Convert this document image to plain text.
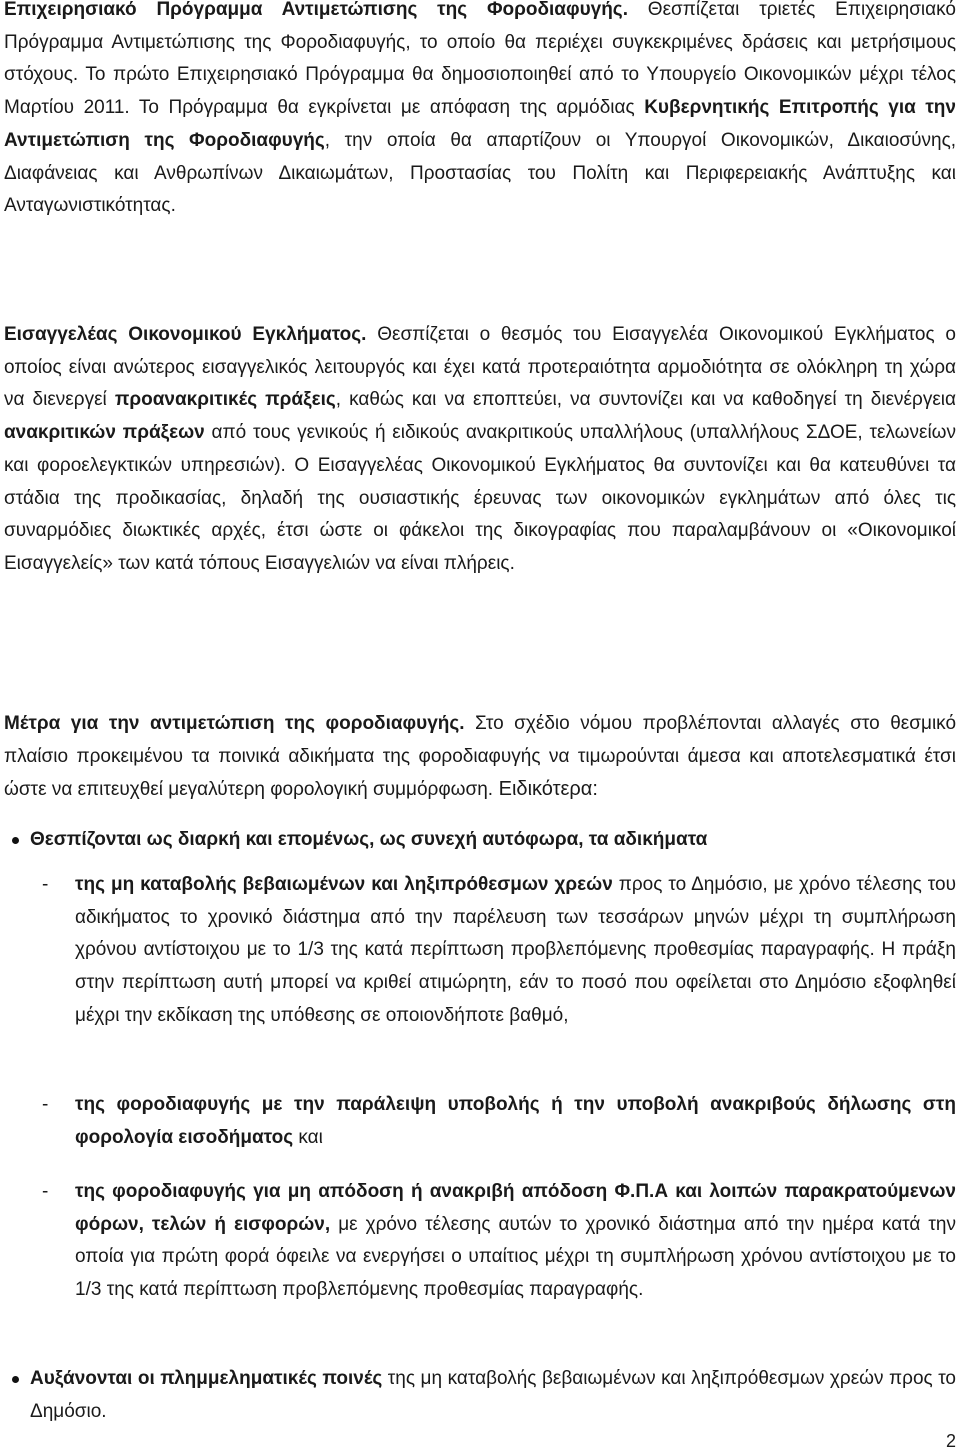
Επιχειρησιακό Πρόγραμμα Αντιμετώπισης της Φοροδιαφυγής. Θεσπίζεται τριετές Επιχειρησιακό Πρόγραμμα Αντιμετώπισης της Φοροδιαφυγής, το οποίο θα περιέχει συγκεκριμένες δράσεις και μετρήσιμους στόχους. Το πρώτο Επιχειρησιακό Πρόγραμμα θα δημοσιοποιηθεί από το Υπουργείο Οικονομικών μέχρι τέλος Μαρτίου 2011. Το Πρόγραμμα θα εγκρίνεται με απόφαση της αρμόδιας Κυβερνητικής Επιτροπής για την Αντιμετώπιση της Φοροδιαφυγής, την οποία θα απαρτίζουν οι Υπουργοί Οικονομικών, Δικαιοσύνης, Διαφάνειας και Ανθρωπίνων Δικαιωμάτων, Προστασίας του Πολίτη και Περιφερειακής Ανάπτυξης και Ανταγωνιστικότητας.

Εισαγγελέας Οικονομικού Εγκλήματος. Θεσπίζεται ο θεσμός του Εισαγγελέα Οικονομικού Εγκλήματος ο οποίος είναι ανώτερος εισαγγελικός λειτουργός και έχει κατά προτεραιότητα αρμοδιότητα σε ολόκληρη τη χώρα να διενεργεί προανακριτικές πράξεις, καθώς και να εποπτεύει, να συντονίζει και να καθοδηγεί τη διενέργεια ανακριτικών πράξεων από τους γενικούς ή ειδικούς ανακριτικούς υπαλλήλους (υπαλλήλους ΣΔΟΕ, τελωνείων και φοροελεγκτικών υπηρεσιών). Ο Εισαγγελέας Οικονομικού Εγκλήματος θα συντονίζει και θα κατευθύνει τα στάδια της προδικασίας, δηλαδή της ουσιαστικής έρευνας των οικονομικών εγκλημάτων από όλες τις συναρμόδιες διωκτικές αρχές, έτσι ώστε οι φάκελοι της δικογραφίας που παραλαμβάνουν οι «Οικονομικοί Εισαγγελείς» των κατά τόπους Εισαγγελιών να είναι πλήρεις.

Μέτρα για την αντιμετώπιση της φοροδιαφυγής. Στο σχέδιο νόμου προβλέπονται αλλαγές στο θεσμικό πλαίσιο προκειμένου τα ποινικά αδικήματα της φοροδιαφυγής να τιμωρούνται άμεσα και αποτελεσματικά έτσι ώστε να επιτευχθεί μεγαλύτερη φορολογική συμμόρφωση. Ειδικότερα:

Θεσπίζονται ως διαρκή και επομένως, ως συνεχή αυτόφωρα, τα αδικήματα

- της μη καταβολής βεβαιωμένων και ληξιπρόθεσμων χρεών προς το Δημόσιο, με χρόνο τέλεσης του αδικήματος το χρονικό διάστημα από την παρέλευση των τεσσάρων μηνών μέχρι τη συμπλήρωση χρόνου αντίστοιχου με το 1/3 της κατά περίπτωση προβλεπόμενης προθεσμίας παραγραφής. Η πράξη στην περίπτωση αυτή μπορεί να κριθεί ατιμώρητη, εάν το ποσό που οφείλεται στο Δημόσιο εξοφληθεί μέχρι την εκδίκαση της υπόθεσης σε οποιονδήποτε βαθμό,

- της φοροδιαφυγής με την παράλειψη υποβολής ή την υποβολή ανακριβούς δήλωσης στη φορολογία εισοδήματος και

- της φοροδιαφυγής για μη απόδοση ή ανακριβή απόδοση Φ.Π.Α και λοιπών παρακρατούμενων φόρων, τελών ή εισφορών, με χρόνο τέλεσης αυτών το χρονικό διάστημα από την ημέρα κατά την οποία για πρώτη φορά όφειλε να ενεργήσει ο υπαίτιος μέχρι τη συμπλήρωση χρόνου αντίστοιχου με το 1/3 της κατά περίπτωση προβλεπόμενης προθεσμίας παραγραφής.

Αυξάνονται οι πλημμεληματικές ποινές της μη καταβολής βεβαιωμένων και ληξιπρόθεσμων χρεών προς το Δημόσιο.

2
